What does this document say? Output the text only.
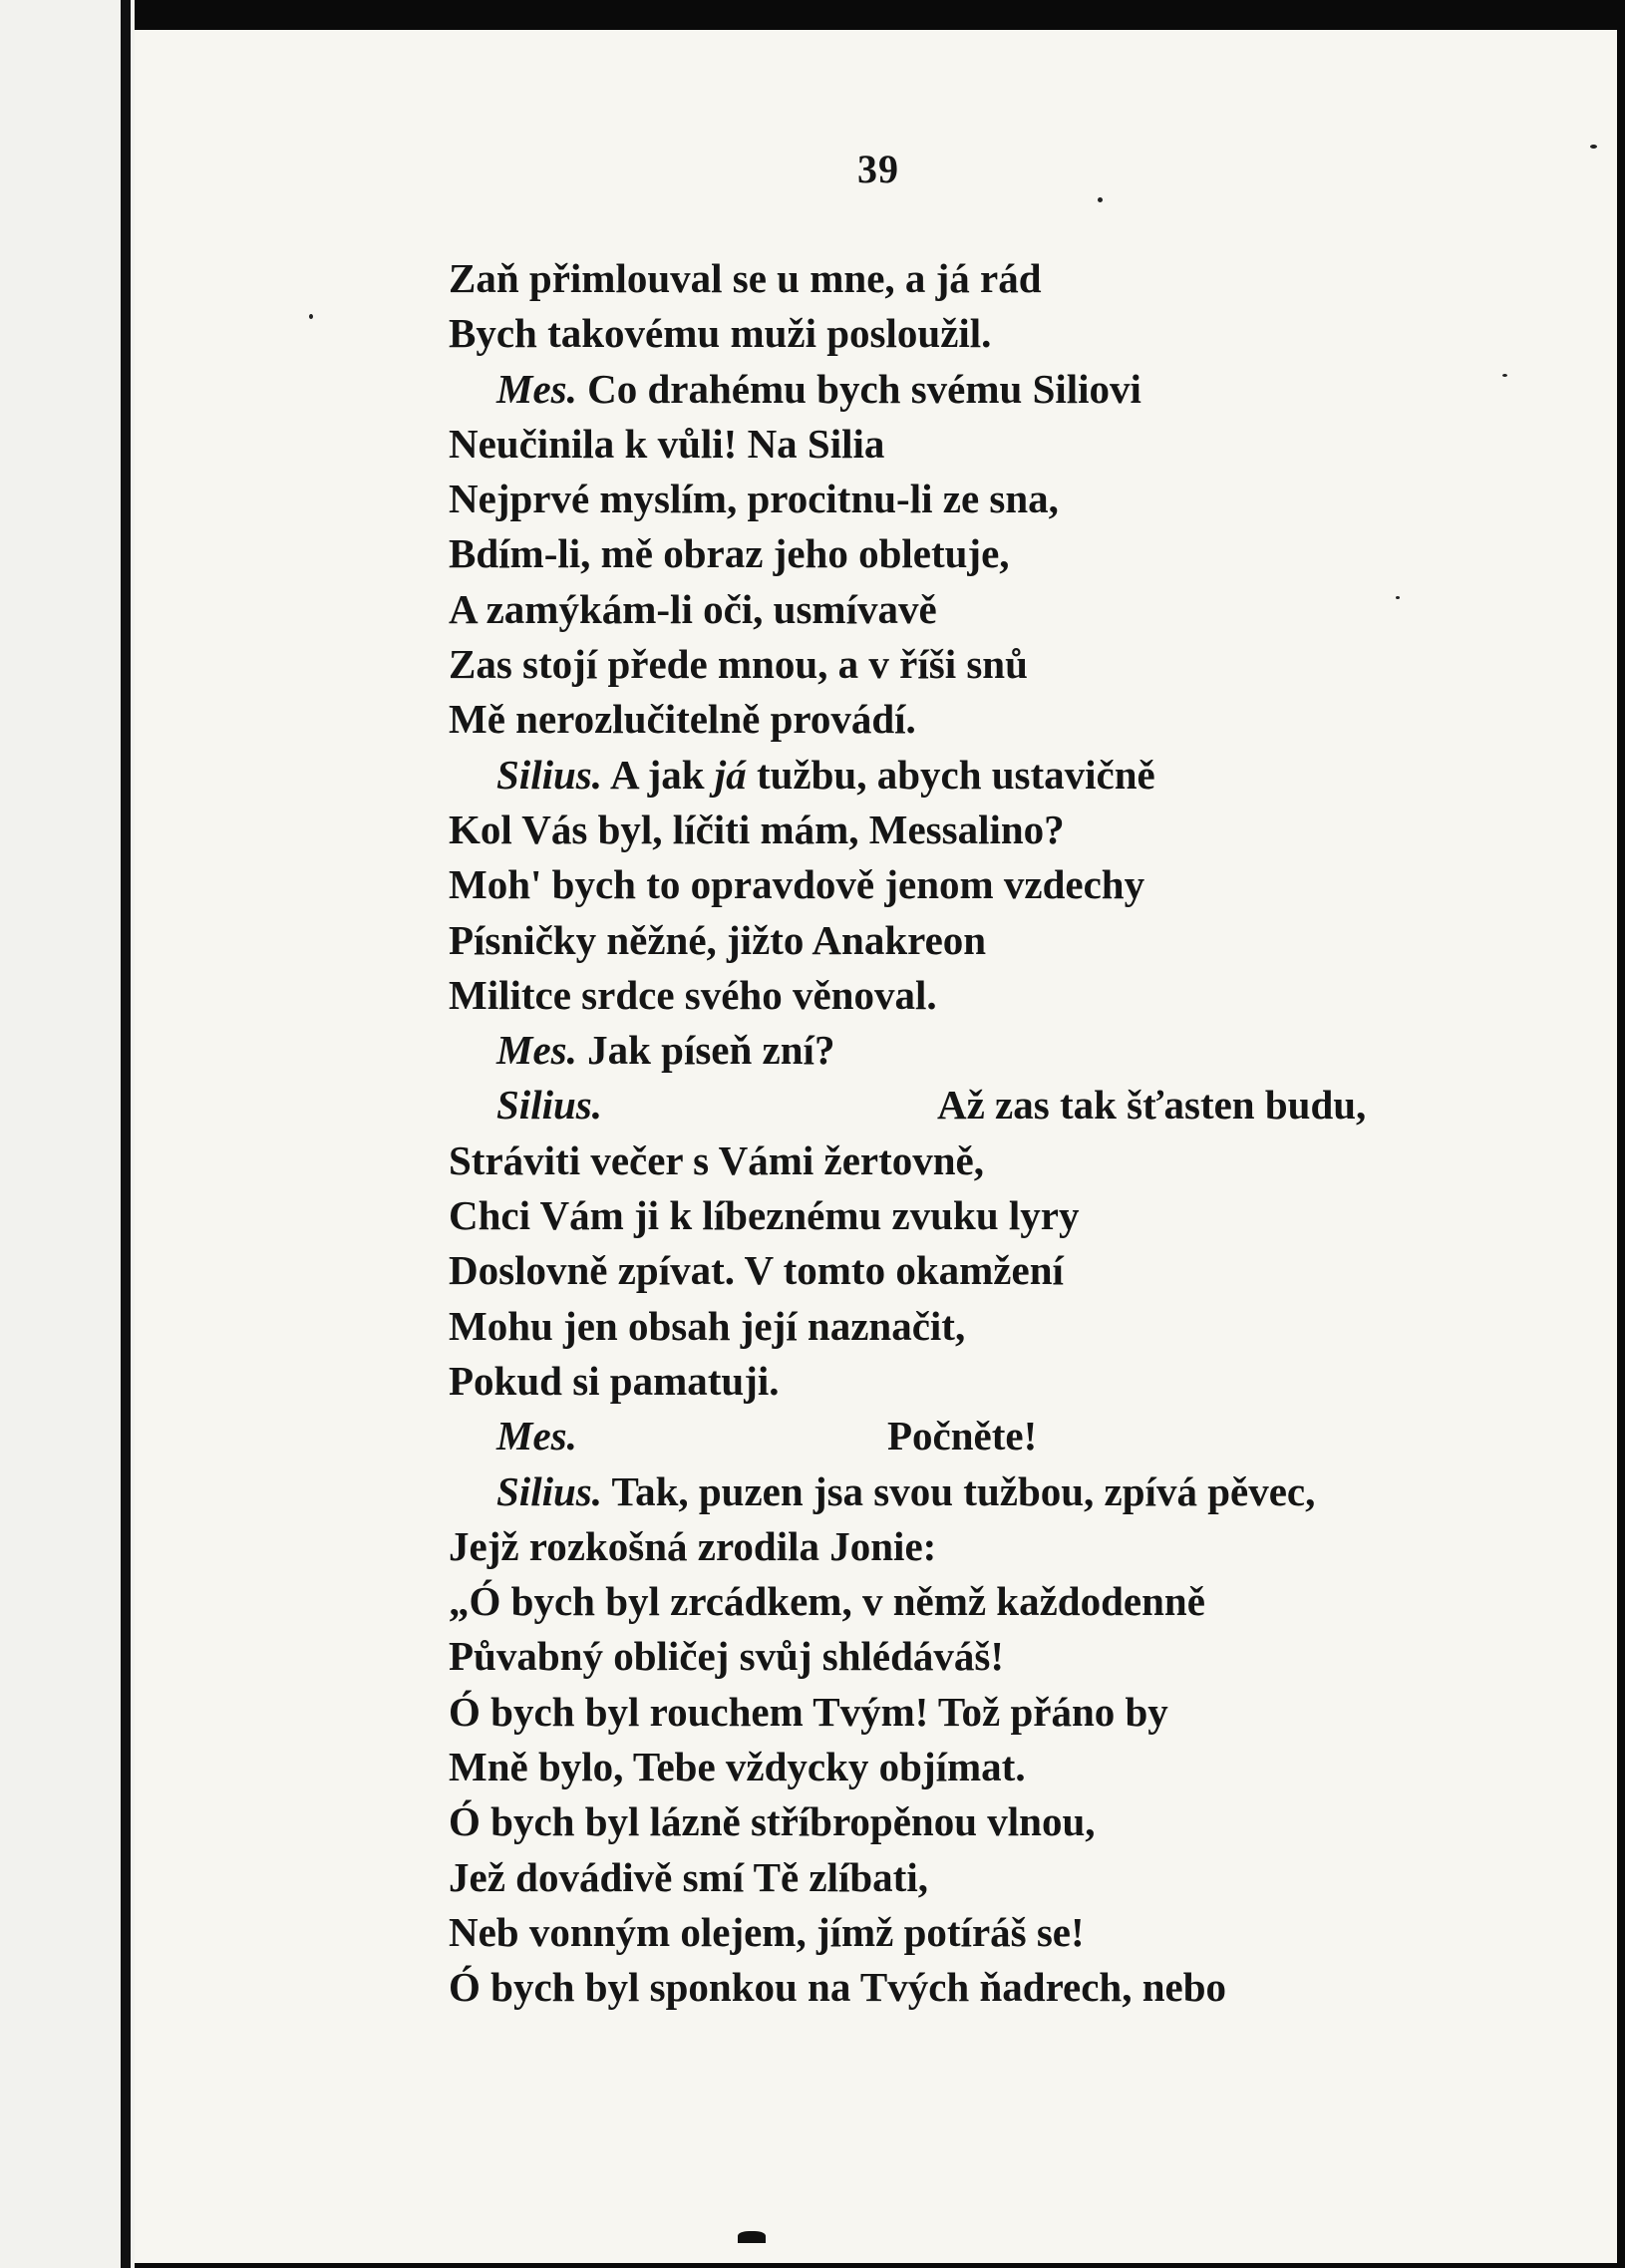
39
Zaň přimlouval se u mne, a já rád
Bych takovému muži posloužil.
Mes. Co drahému bych svému Siliovi
Neučinila k vůli! Na Silia
Nejprvé myslím, procitnu-li ze sna,
Bdím-li, mě obraz jeho obletuje,
A zamýkám-li oči, usmívavě
Zas stojí přede mnou, a v říši snů
Mě nerozlučitelně provádí.
Silius. A jak já tužbu, abych ustavičně
Kol Vás byl, líčiti mám, Messalino?
Moh' bych to opravdově jenom vzdechy
Písničky něžné, jižto Anakreon
Militce srdce svého věnoval.
Mes. Jak píseň zní?
Silius.	Až zas tak šťasten budu,
Stráviti večer s Vámi žertovně,
Chci Vám ji k líbeznému zvuku lyry
Doslovně zpívat. V tomto okamžení
Mohu jen obsah její naznačit,
Pokud si pamatuji.
Mes.	Počněte!
Silius. Tak, puzen jsa svou tužbou, zpívá pěvec,
Jejž rozkošná zrodila Jonie:
„Ó bych byl zrcádkem, v němž každodenně
Půvabný obličej svůj shlédáváš!
Ó bych byl rouchem Tvým! Tož přáno by
Mně bylo, Tebe vždycky objímat.
Ó bych byl lázně stříbropěnou vlnou,
Jež dovádivě smí Tě zlíbati,
Neb vonným olejem, jímž potíráš se!
Ó bych byl sponkou na Tvých ňadrech, nebo
